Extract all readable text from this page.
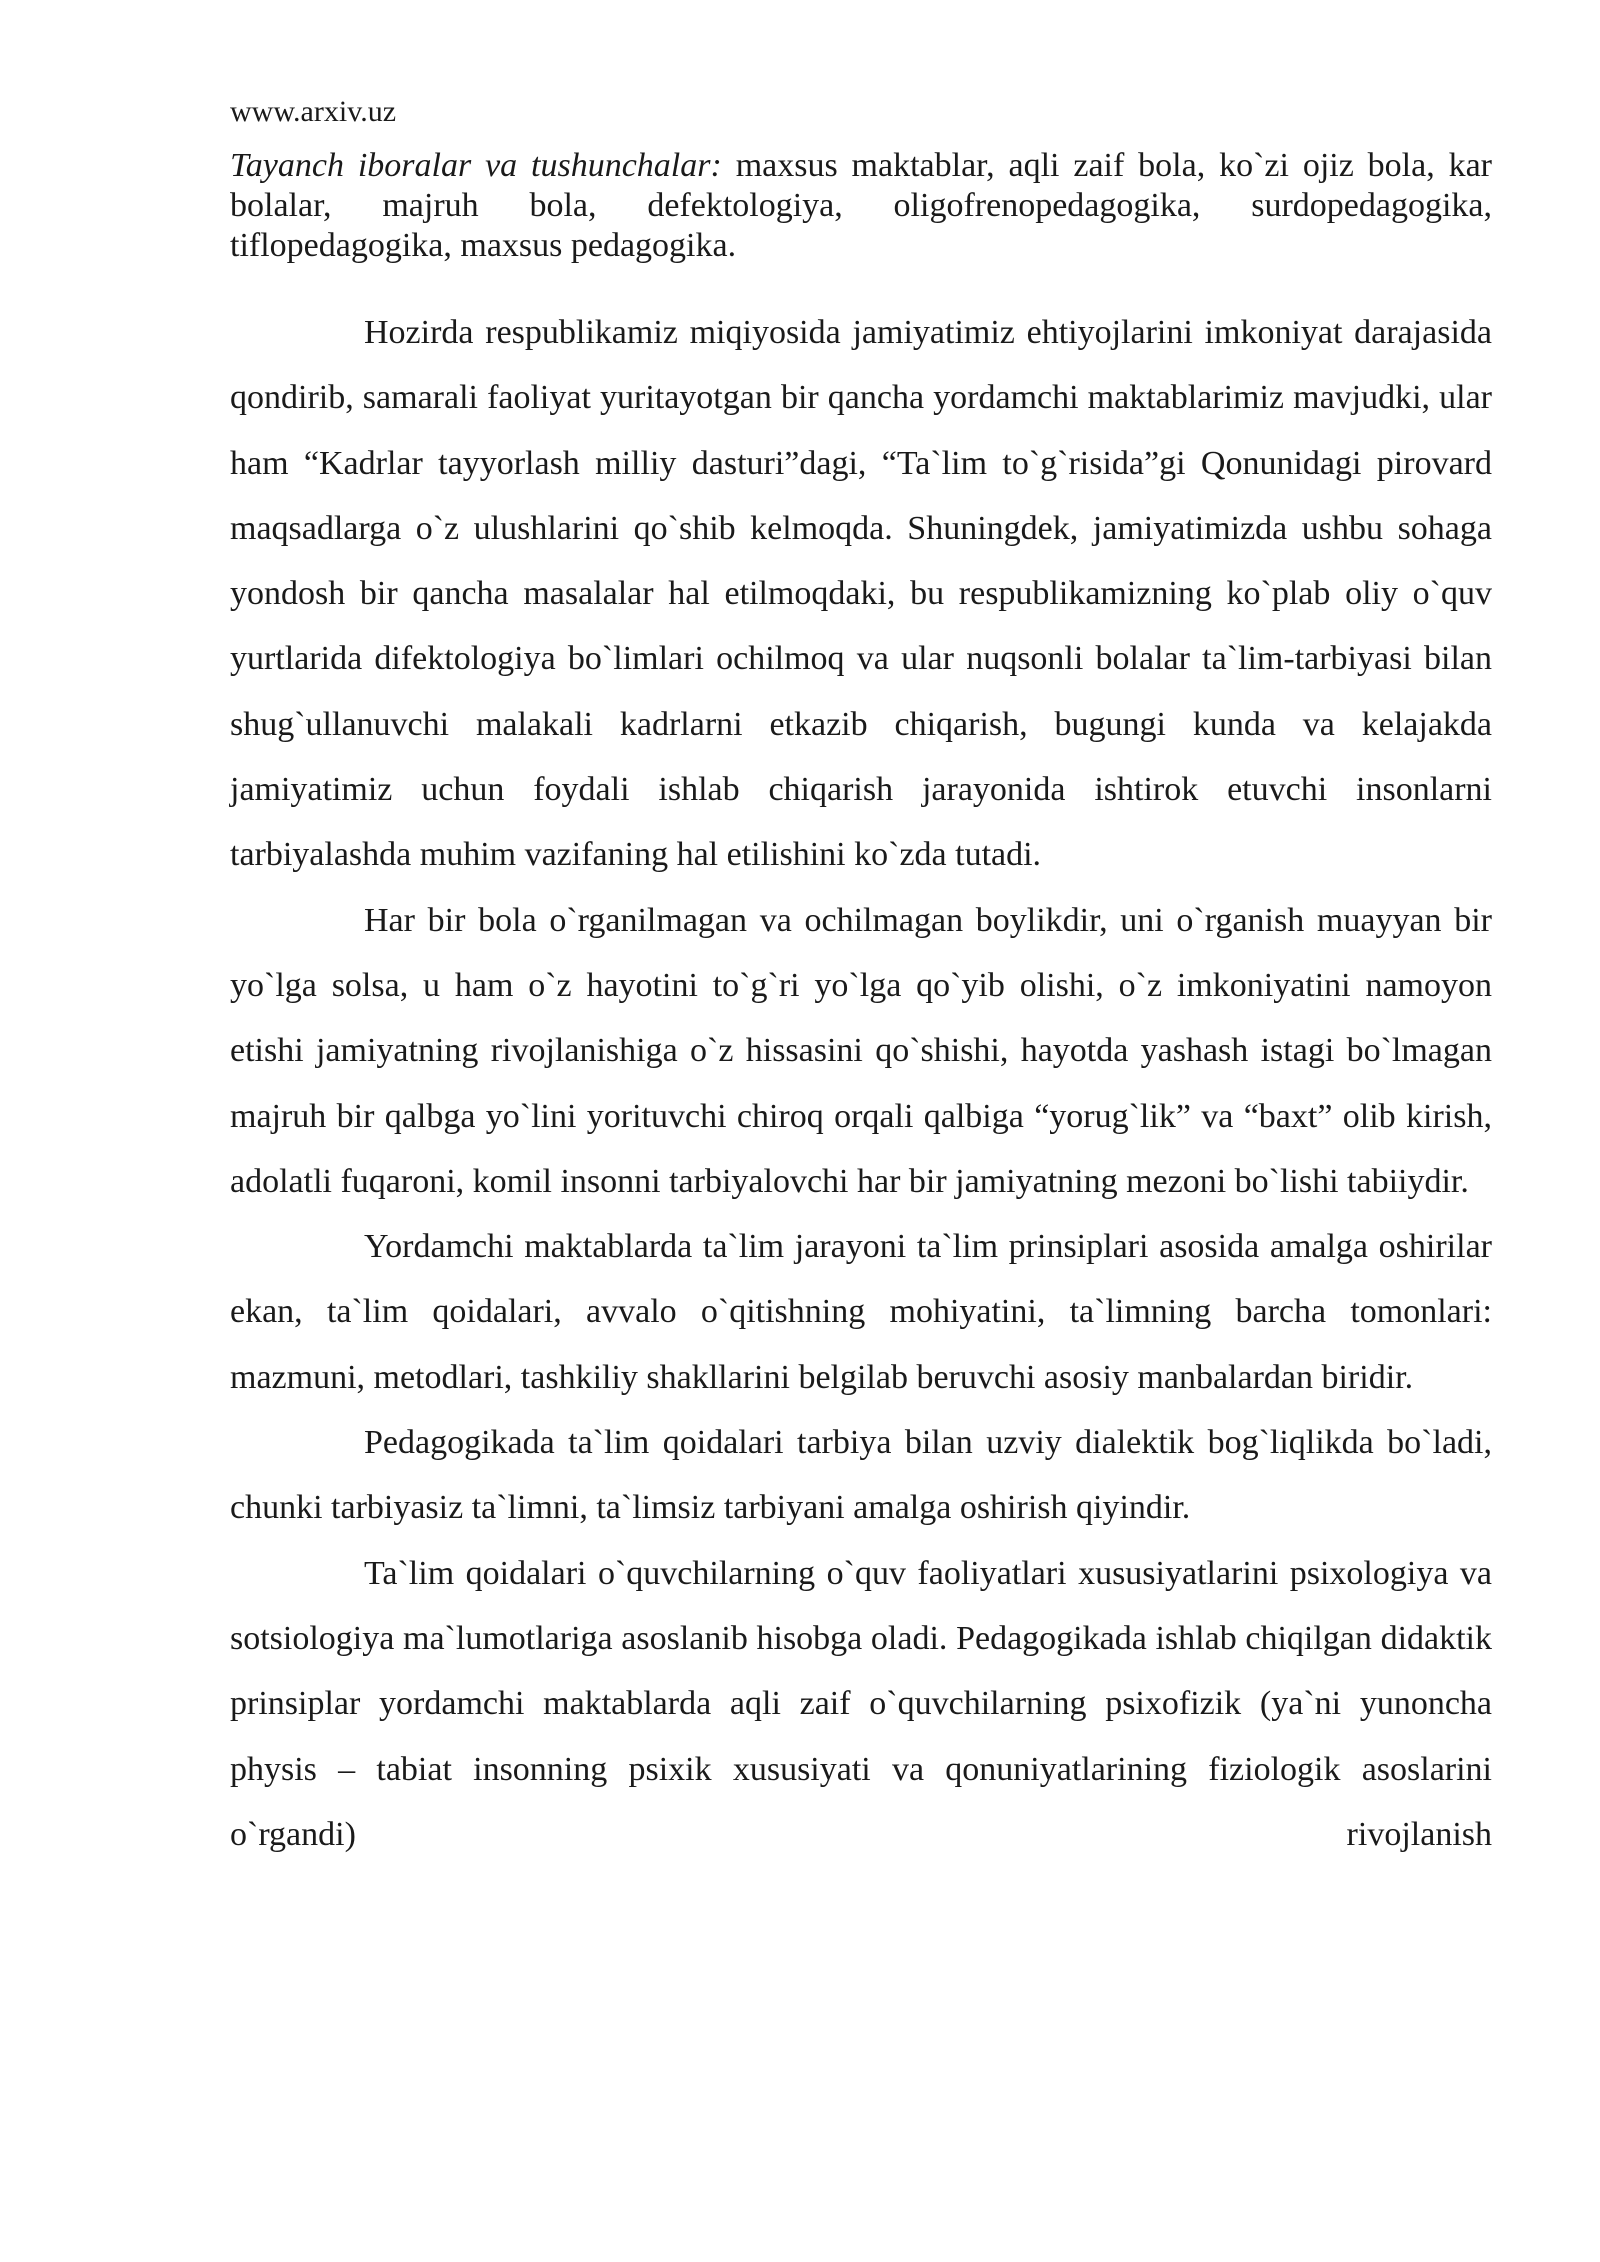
www.arxiv.uz

Tayanch iboralar va tushunchalar: maxsus maktablar, aqli zaif bola, ko`zi ojiz bola, kar bolalar, majruh bola, defektologiya, oligofrenopedagogika, surdopedagogika, tiflopedagogika, maxsus pedagogika.

Hozirda respublikamiz miqiyosida jamiyatimiz ehtiyojlarini imkoniyat darajasida qondirib, samarali faoliyat yuritayotgan bir qancha yordamchi maktablarimiz mavjudki, ular ham “Kadrlar tayyorlash milliy dasturi”dagi, “Ta`lim to`g`risida”gi Qonunidagi pirovard maqsadlarga o`z ulushlarini qo`shib kelmoqda. Shuningdek, jamiyatimizda ushbu sohaga yondosh bir qancha masalalar hal etilmoqdaki, bu respublikamizning ko`plab oliy o`quv yurtlarida difektologiya bo`limlari ochilmoq va ular nuqsonli bolalar ta`lim-tarbiyasi bilan shug`ullanuvchi malakali kadrlarni etkazib chiqarish, bugungi kunda va kelajakda jamiyatimiz uchun foydali ishlab chiqarish jarayonida ishtirok etuvchi insonlarni tarbiyalashda muhim vazifaning hal etilishini ko`zda tutadi.

Har bir bola o`rganilmagan va ochilmagan boylikdir, uni o`rganish muayyan bir yo`lga solsa, u ham o`z hayotini to`g`ri yo`lga qo`yib olishi, o`z imkoniyatini namoyon etishi jamiyatning rivojlanishiga o`z hissasini qo`shishi, hayotda yashash istagi bo`lmagan majruh bir qalbga yo`lini yorituvchi chiroq orqali qalbiga “yorug`lik” va “baxt” olib kirish, adolatli fuqaroni, komil insonni tarbiyalovchi har bir jamiyatning mezoni bo`lishi tabiiydir.

Yordamchi maktablarda ta`lim jarayoni ta`lim prinsiplari asosida amalga oshirilar ekan, ta`lim qoidalari, avvalo o`qitishning mohiyatini, ta`limning barcha tomonlari: mazmuni, metodlari, tashkiliy shakllarini belgilab beruvchi asosiy manbalardan biridir.

Pedagogikada ta`lim qoidalari tarbiya bilan uzviy dialektik bog`liqlikda bo`ladi, chunki tarbiyasiz ta`limni, ta`limsiz tarbiyani amalga oshirish qiyindir.

Ta`lim qoidalari o`quvchilarning o`quv faoliyatlari xususiyatlarini psixologiya va sotsiologiya ma`lumotlariga asoslanib hisobga oladi. Pedagogikada ishlab chiqilgan didaktik prinsiplar yordamchi maktablarda aqli zaif o`quvchilarning psixofizik (ya`ni yunoncha physis – tabiat insonning psixik xususiyati va qonuniyatlarining fiziologik asoslarini o`rgandi) rivojlanish
